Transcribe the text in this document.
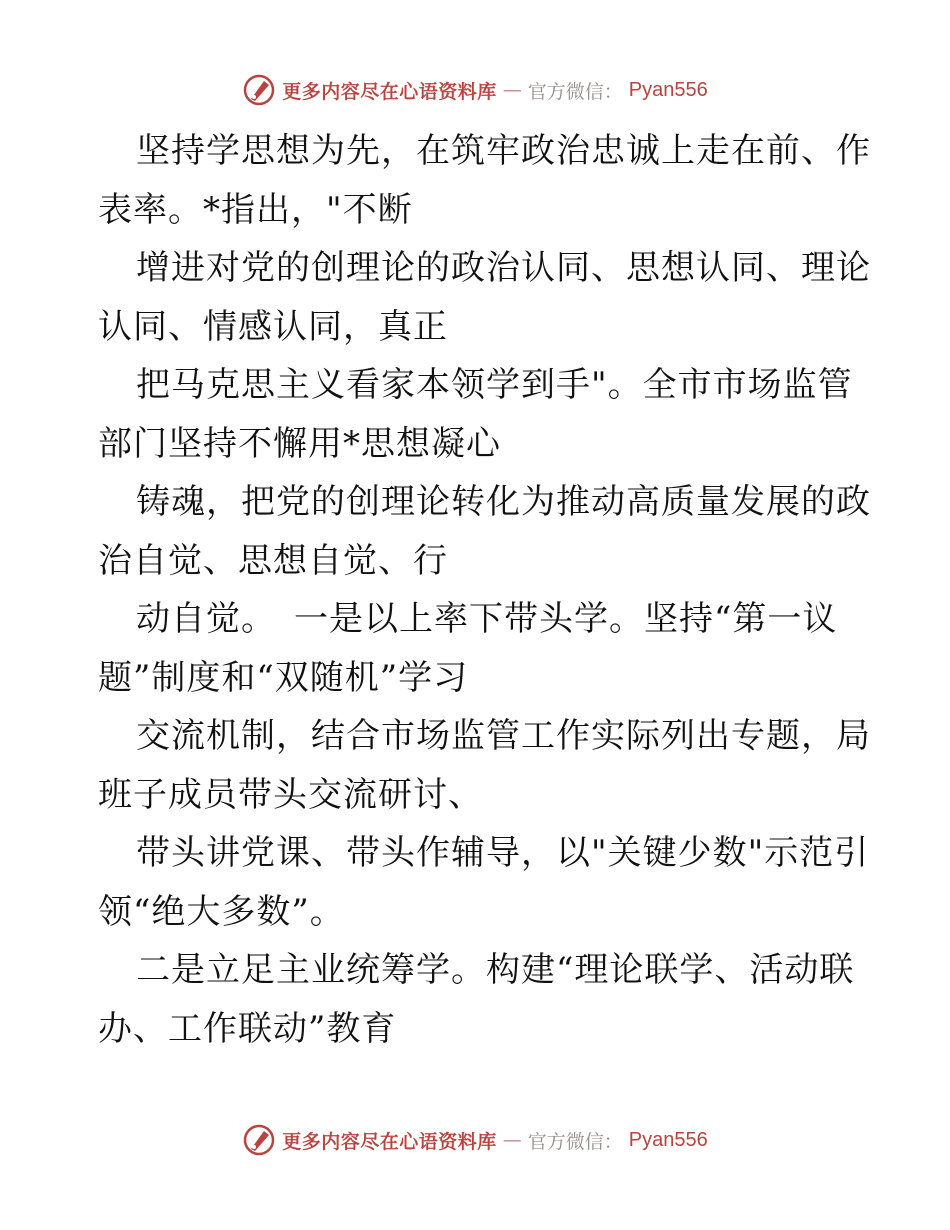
更多内容尽在心语资料库 — 官方微信： Pyan556
坚持学思想为先，在筑牢政治忠诚上走在前、作
表率。*指出，"不断
增进对党的创理论的政治认同、思想认同、理论
认同、情感认同，真正
把马克思主义看家本领学到手"。全市市场监管
部门坚持不懈用*思想凝心
铸魂，把党的创理论转化为推动高质量发展的政
治自觉、思想自觉、行
动自觉。　一是以上率下带头学。坚持“第一议
题”制度和“双随机”学习
交流机制，结合市场监管工作实际列出专题，局
班子成员带头交流研讨、
带头讲党课、带头作辅导，以"关键少数"示范引
领“绝大多数”。
二是立足主业统筹学。构建“理论联学、活动联
办、工作联动”教育
更多内容尽在心语资料库 — 官方微信： Pyan556
